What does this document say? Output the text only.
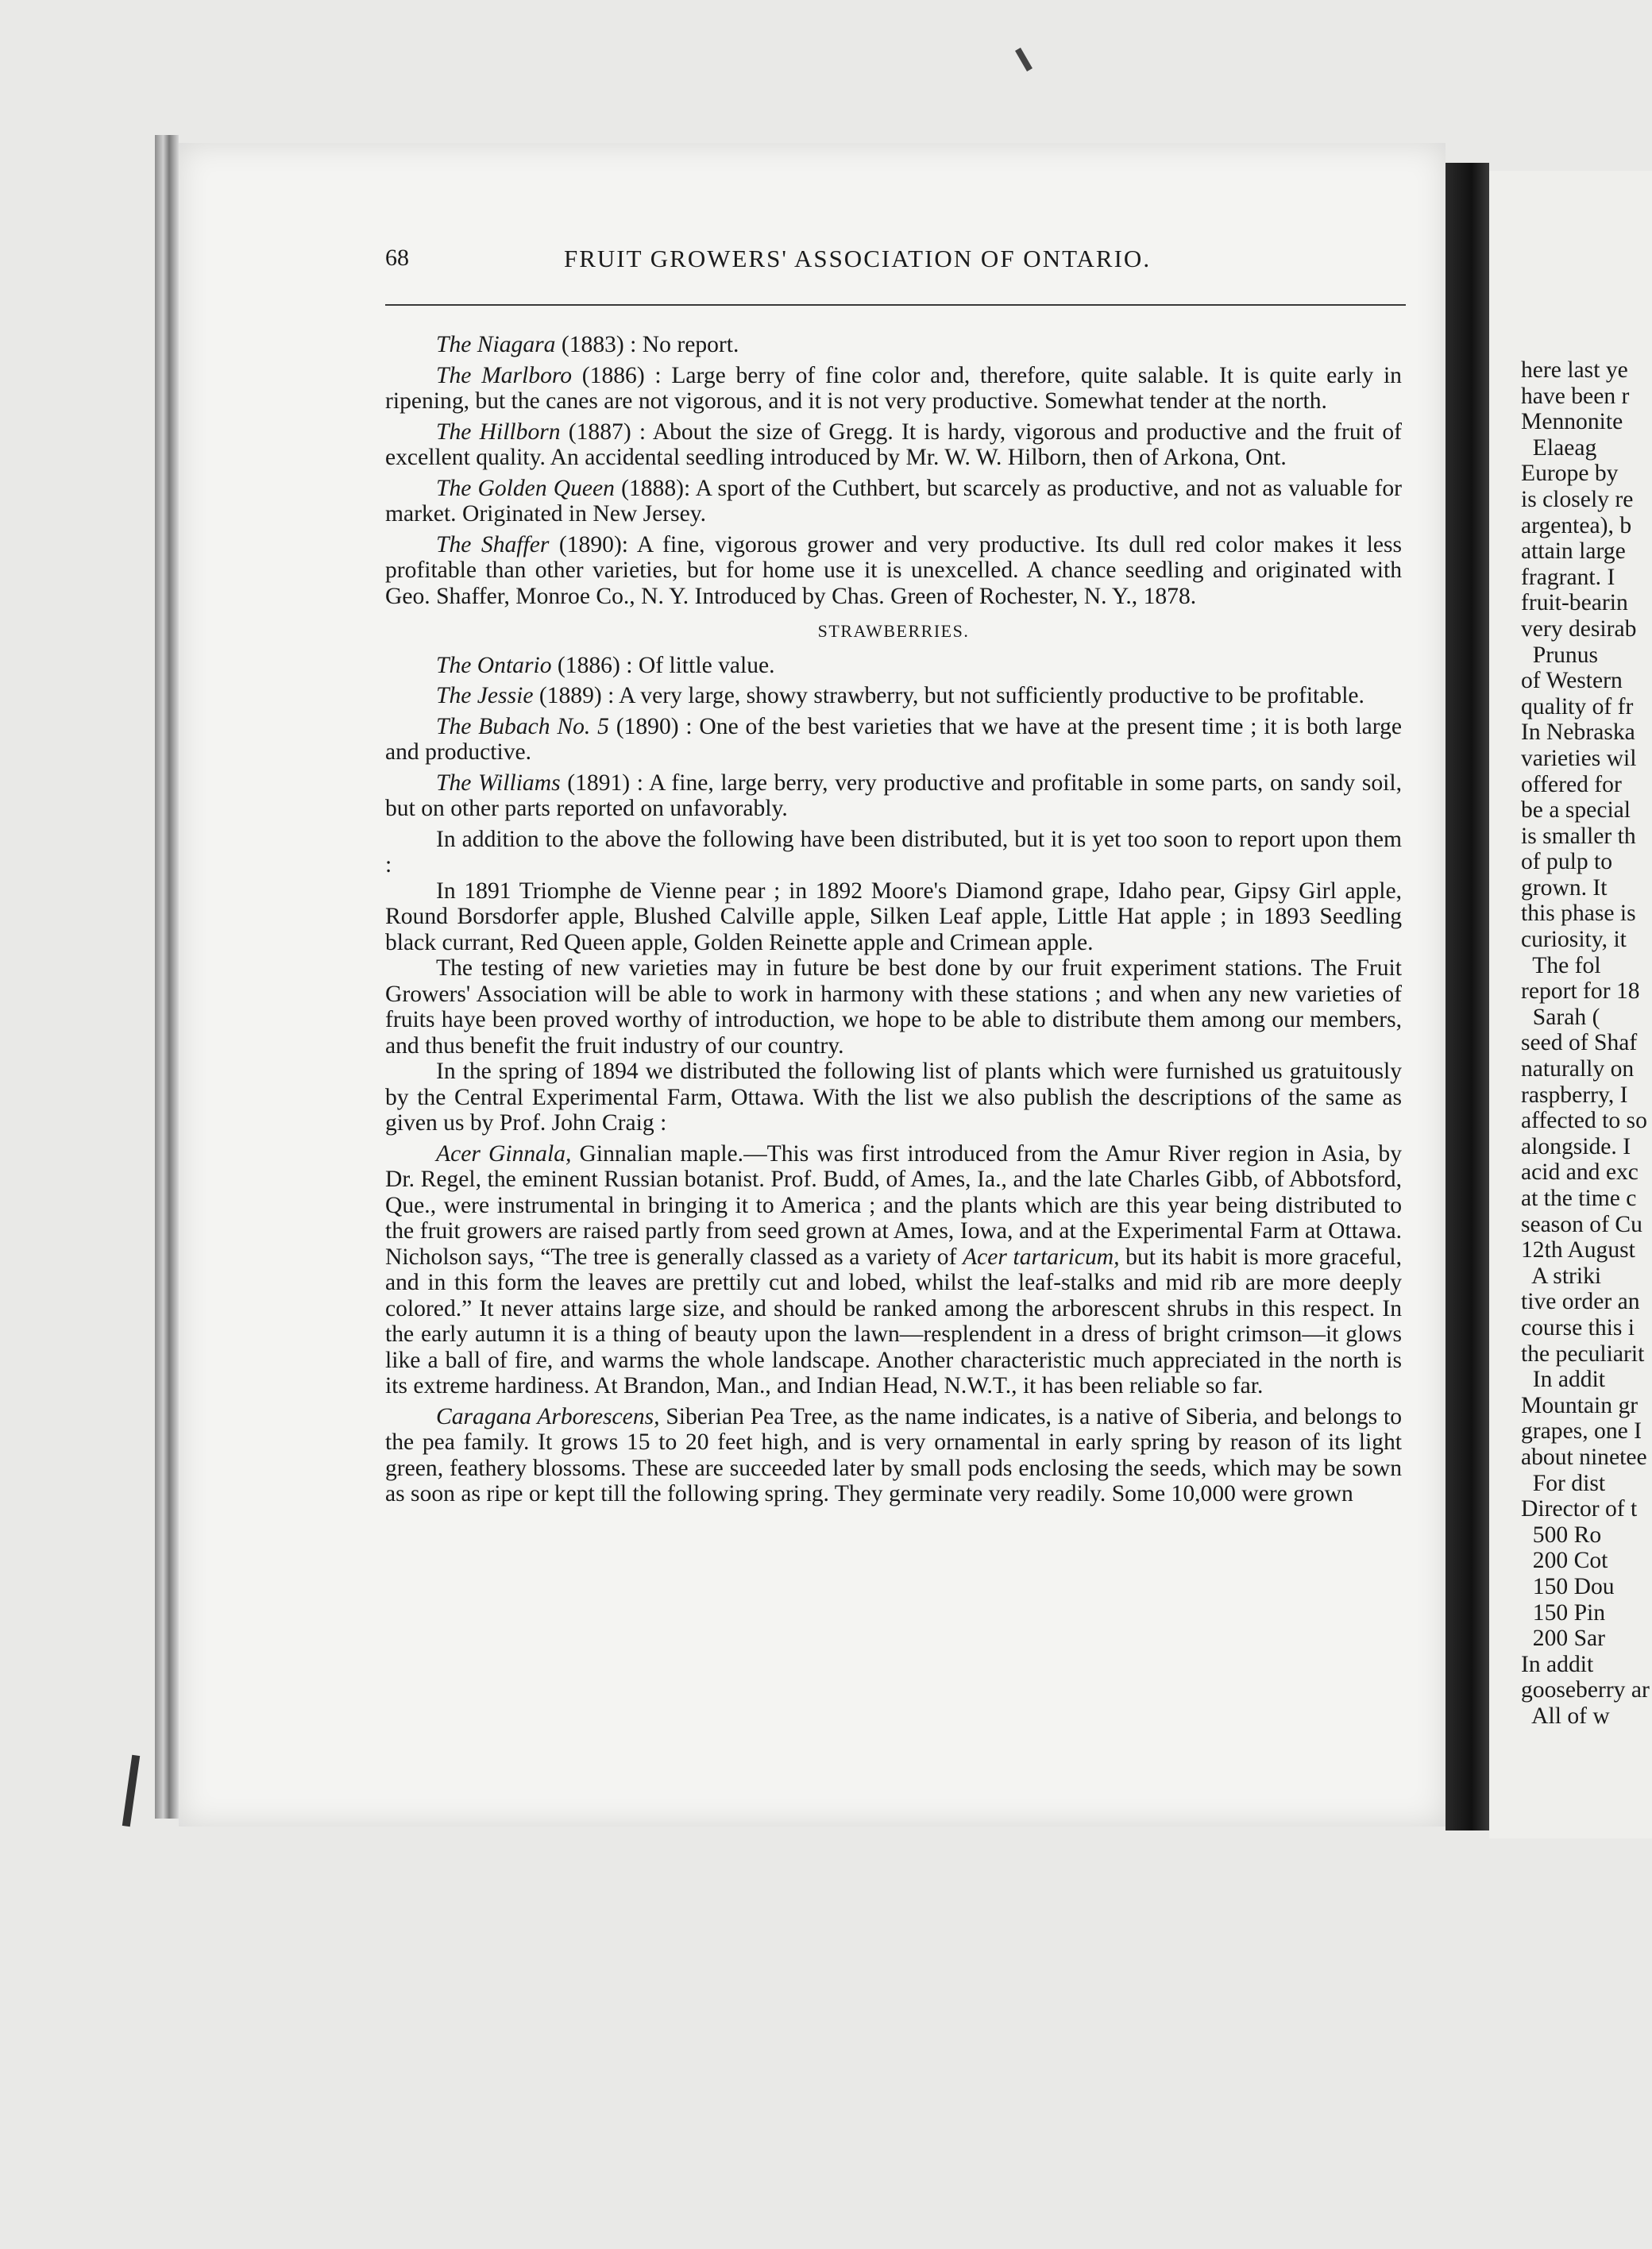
68	FRUIT GROWERS' ASSOCIATION OF ONTARIO.

The Niagara (1883) : No report.

The Marlboro (1886) : Large berry of fine color and, therefore, quite salable. It is quite early in ripening, but the canes are not vigorous, and it is not very productive. Somewhat tender at the north.

The Hillborn (1887) : About the size of Gregg. It is hardy, vigorous and productive and the fruit of excellent quality. An accidental seedling introduced by Mr. W. W. Hilborn, then of Arkona, Ont.

The Golden Queen (1888): A sport of the Cuthbert, but scarcely as productive, and not as valuable for market. Originated in New Jersey.

The Shaffer (1890): A fine, vigorous grower and very productive. Its dull red color makes it less profitable than other varieties, but for home use it is unexcelled. A chance seedling and originated with Geo. Shaffer, Monroe Co., N. Y. Introduced by Chas. Green of Rochester, N. Y., 1878.

STRAWBERRIES.

The Ontario (1886) : Of little value.

The Jessie (1889) : A very large, showy strawberry, but not sufficiently productive to be profitable.

The Bubach No. 5 (1890) : One of the best varieties that we have at the present time ; it is both large and productive.

The Williams (1891) : A fine, large berry, very productive and profitable in some parts, on sandy soil, but on other parts reported on unfavorably.

In addition to the above the following have been distributed, but it is yet too soon to report upon them :

In 1891 Triomphe de Vienne pear ; in 1892 Moore's Diamond grape, Idaho pear, Gipsy Girl apple, Round Borsdorfer apple, Blushed Calville apple, Silken Leaf apple, Little Hat apple ; in 1893 Seedling black currant, Red Queen apple, Golden Reinette apple and Crimean apple.

The testing of new varieties may in future be best done by our fruit experiment stations. The Fruit Growers' Association will be able to work in harmony with these stations ; and when any new varieties of fruits haye been proved worthy of introduction, we hope to be able to distribute them among our members, and thus benefit the fruit industry of our country.

In the spring of 1894 we distributed the following list of plants which were furnished us gratuitously by the Central Experimental Farm, Ottawa. With the list we also publish the descriptions of the same as given us by Prof. John Craig :

Acer Ginnala, Ginnalian maple.—This was first introduced from the Amur River region in Asia, by Dr. Regel, the eminent Russian botanist. Prof. Budd, of Ames, Ia., and the late Charles Gibb, of Abbotsford, Que., were instrumental in bringing it to America ; and the plants which are this year being distributed to the fruit growers are raised partly from seed grown at Ames, Iowa, and at the Experimental Farm at Ottawa. Nicholson says, “The tree is generally classed as a variety of Acer tartaricum, but its habit is more graceful, and in this form the leaves are prettily cut and lobed, whilst the leaf-stalks and mid rib are more deeply colored.” It never attains large size, and should be ranked among the arborescent shrubs in this respect. In the early autumn it is a thing of beauty upon the lawn—resplendent in a dress of bright crimson—it glows like a ball of fire, and warms the whole landscape. Another characteristic much appreciated in the north is its extreme hardiness. At Brandon, Man., and Indian Head, N.W.T., it has been reliable so far.

Caragana Arborescens, Siberian Pea Tree, as the name indicates, is a native of Siberia, and belongs to the pea family. It grows 15 to 20 feet high, and is very ornamental in early spring by reason of its light green, feathery blossoms. These are succeeded later by small pods enclosing the seeds, which may be sown as soon as ripe or kept till the following spring. They germinate very readily. Some 10,000 were grown

here last ye
have been r
Mennonite
Elaeag
Europe by
is closely re
argentea), b
attain large
fragrant. I
fruit-bearin
very desirab
Prunus
of Western
quality of fr
In Nebraska
varieties wil
offered for
be a special
is smaller th
of pulp to
grown. It
this phase is
curiosity, it
The fol
report for 18
Sarah (
seed of Shaf
naturally on
raspberry, I
affected to so
alongside. I
acid and exc
at the time c
season of Cu
12th August
A striki
tive order an
course this i
the peculiarit
In addit
Mountain gr
grapes, one I
about ninetee
For dist
Director of t
500 Ro
200 Cot
150 Dou
150 Pin
200 Sar
In addit
gooseberry ar
All of w
